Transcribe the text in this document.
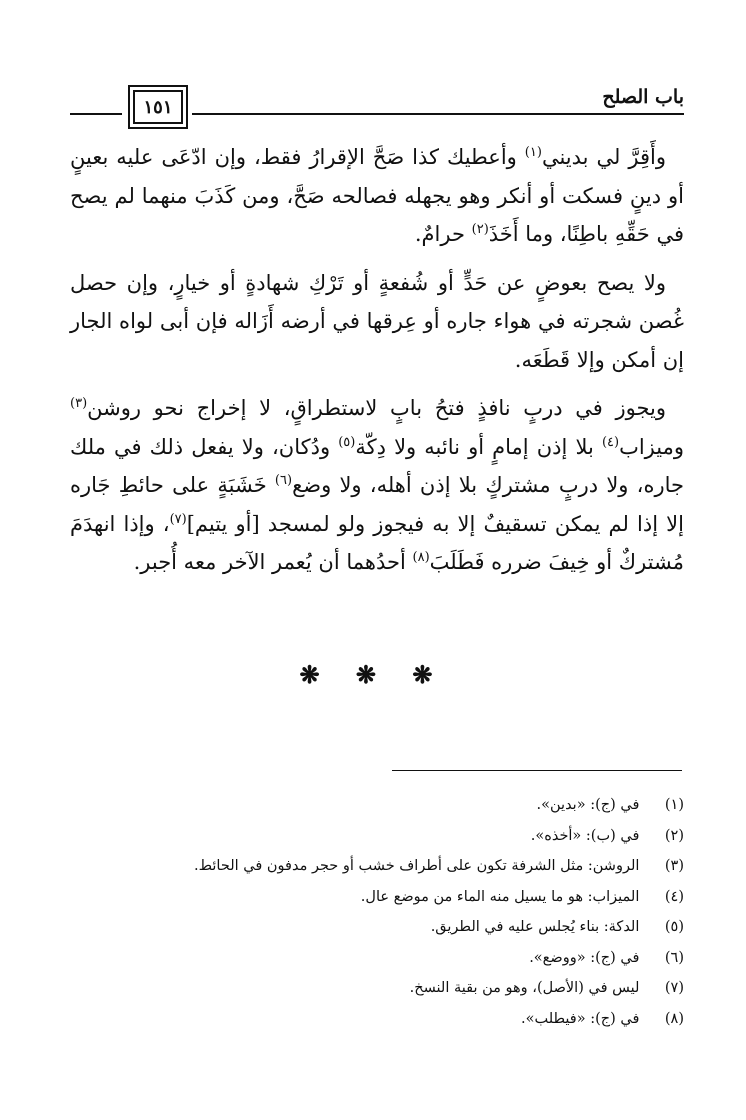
باب الصلح
١٥١

وأَقِرَّ لي بديني$^{(١)}$ وأعطيك كذا صَحَّ الإقرارُ فقط، وإن ادّعَى عليه بعينٍ أو دينٍ فسكت أو أنكر وهو يجهله فصالحه صَحَّ، ومن كَذَبَ منهما لم يصح في حَقِّهِ باطِنًا، وما أَخَذَ$^{(٢)}$ حرامٌ.

ولا يصح بعوضٍ عن حَدٍّ أو شُفعةٍ أو تَرْكِ شهادةٍ أو خيارٍ، وإن حصل غُصن شجرته في هواء جاره أو عِرقها في أرضه أَزَاله فإن أبى لواه الجار إن أمكن وإلا قَطَعَه.

ويجوز في دربٍ نافذٍ فتحُ بابٍ لاستطراقٍ، لا إخراج نحو روشن$^{(٣)}$ وميزاب$^{(٤)}$ بلا إذن إمامٍ أو نائبه ولا دِكّة$^{(٥)}$ ودُكان، ولا يفعل ذلك في ملك جاره، ولا دربٍ مشتركٍ بلا إذن أهله، ولا وضع$^{(٦)}$ خَشَبَةٍ على حائطِ جَاره إلا إذا لم يمكن تسقيفٌ إلا به فيجوز ولو لمسجد [أو يتيم]$^{(٧)}$، وإذا انهدَمَ مُشتركٌ أو خِيفَ ضرره فَطَلَبَ$^{(٨)}$ أحدُهما أن يُعمر الآخر معه أُجبر.

❋ ❋ ❋
(١) في (ج): «بدين».
(٢) في (ب): «أخذه».
(٣) الروشن: مثل الشرفة تكون على أطراف خشب أو حجر مدفون في الحائط.
(٤) الميزاب: هو ما يسيل منه الماء من موضع عال.
(٥) الدكة: بناء يُجلس عليه في الطريق.
(٦) في (ج): «ووضع».
(٧) ليس في (الأصل)، وهو من بقية النسخ.
(٨) في (ج): «فيطلب».
